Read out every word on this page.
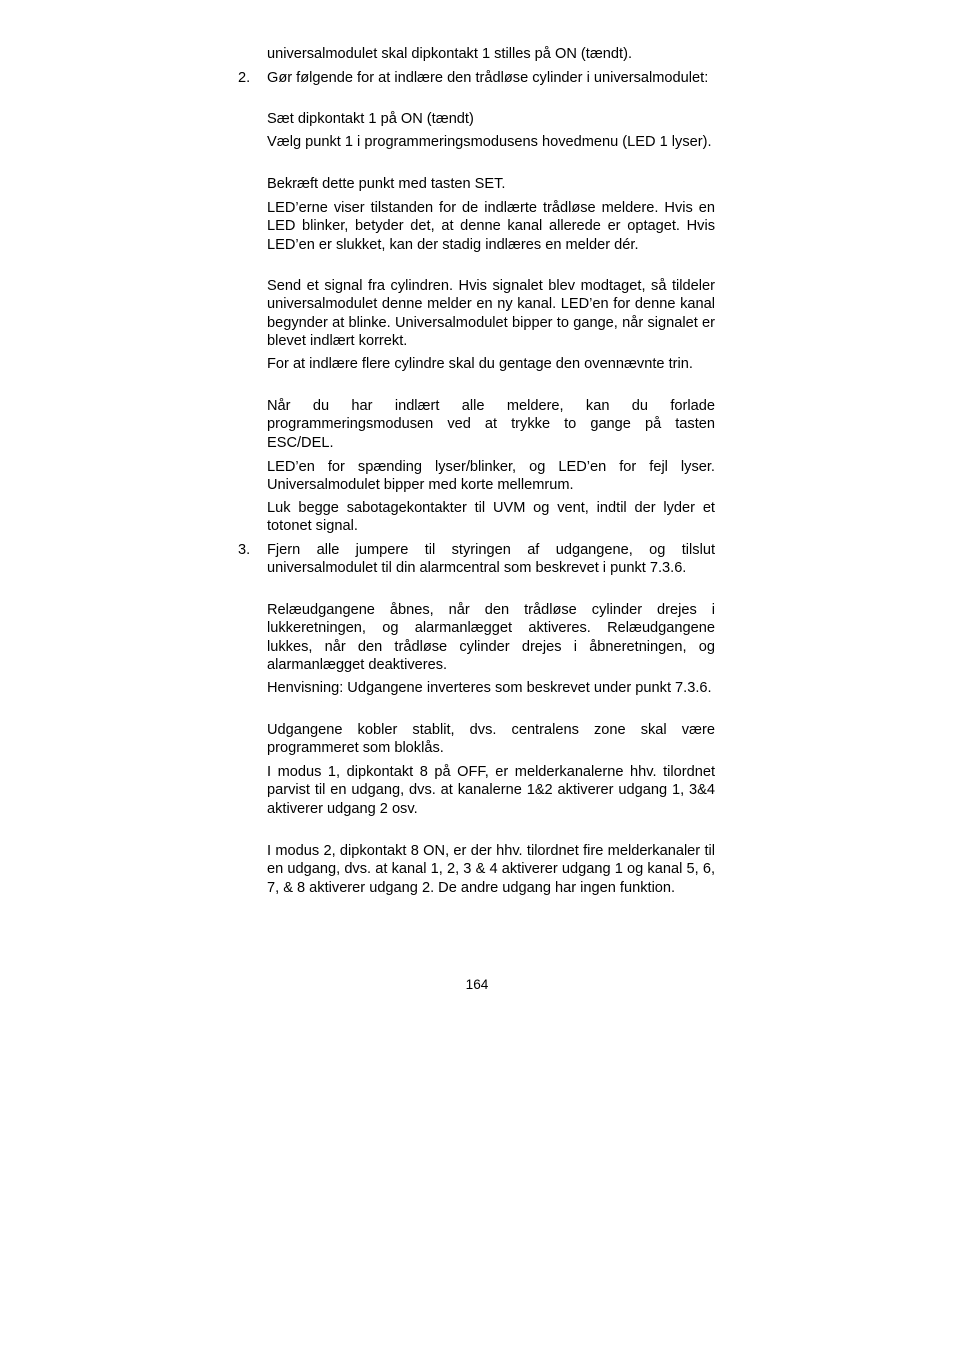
universalmodulet skal dipkontakt 1 stilles på ON (tændt).

2. Gør følgende for at indlære den trådløse cylinder i universalmodulet:

Sæt dipkontakt 1 på ON (tændt)

Vælg punkt 1 i programmeringsmodusens hovedmenu (LED 1 lyser).

Bekræft dette punkt med tasten SET.

LED’erne viser tilstanden for de indlærte trådløse meldere. Hvis en LED blinker, betyder det, at denne kanal allerede er optaget. Hvis LED’en er slukket, kan der stadig indlæres en melder dér.

Send et signal fra cylindren. Hvis signalet blev modtaget, så tildeler universalmodulet denne melder en ny kanal. LED’en for denne kanal begynder at blinke. Universalmodulet bipper to gange, når signalet er blevet indlært korrekt.

For at indlære flere cylindre skal du gentage den ovennævnte trin.

Når du har indlært alle meldere, kan du forlade programmeringsmodusen ved at trykke to gange på tasten ESC/DEL.

LED’en for spænding lyser/blinker, og LED’en for fejl lyser. Universalmodulet bipper med korte mellemrum.

Luk begge sabotagekontakter til UVM og vent, indtil der lyder et totonet signal.

3. Fjern alle jumpere til styringen af udgangene, og tilslut universalmodulet til din alarmcentral som beskrevet i punkt 7.3.6.

Relæudgangene åbnes, når den trådløse cylinder drejes i lukkeretningen, og alarmanlægget aktiveres. Relæudgangene lukkes, når den trådløse cylinder drejes i åbneretningen, og alarmanlægget deaktiveres.

Henvisning: Udgangene inverteres som beskrevet under punkt 7.3.6.

Udgangene kobler stablit, dvs. centralens zone skal være programmeret som bloklås.

I modus 1, dipkontakt 8 på OFF, er melderkanalerne hhv. tilordnet parvist til en udgang, dvs. at kanalerne 1&2 aktiverer udgang 1, 3&4 aktiverer udgang 2 osv.

I modus 2, dipkontakt 8 ON, er der hhv. tilordnet fire melderkanaler til en udgang, dvs. at kanal 1, 2, 3 & 4 aktiverer udgang 1 og kanal 5, 6, 7, & 8 aktiverer udgang 2. De andre udgang har ingen funktion.

164
